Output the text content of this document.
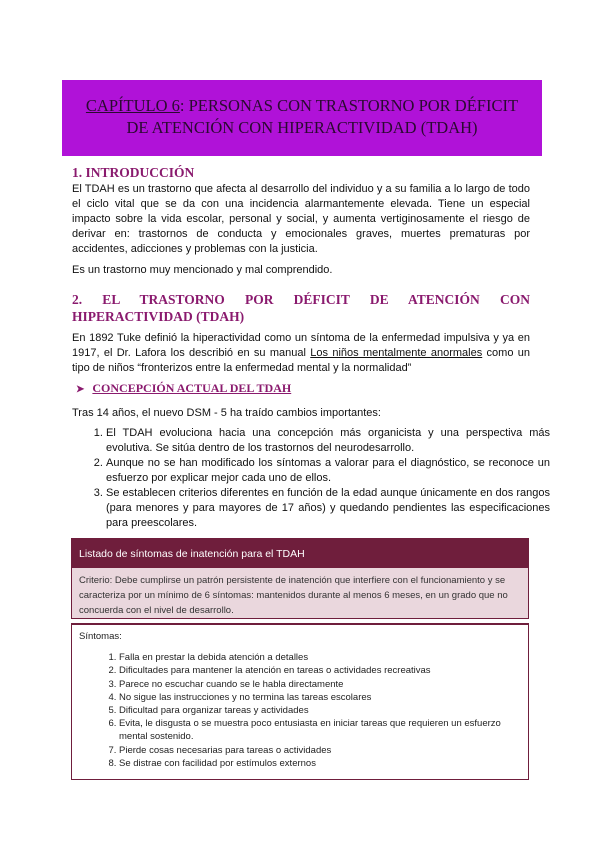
CAPÍTULO 6: PERSONAS CON TRASTORNO POR DÉFICIT
DE ATENCIÓN CON HIPERACTIVIDAD (TDAH)
1. INTRODUCCIÓN

El TDAH es un trastorno que afecta al desarrollo del individuo y a su familia a lo largo de todo el ciclo vital que se da con una incidencia alarmantemente elevada. Tiene un especial impacto sobre la vida escolar, personal y social, y aumenta vertiginosamente el riesgo de derivar en: trastornos de conducta y emocionales graves, muertes prematuras por accidentes, adicciones y problemas con la justicia.

Es un trastorno muy mencionado y mal comprendido.

2. EL TRASTORNO POR DÉFICIT DE ATENCIÓN CON HIPERACTIVIDAD (TDAH)

En 1892 Tuke definió la hiperactividad como un síntoma de la enfermedad impulsiva y ya en 1917, el Dr. Lafora los describió en su manual Los niños mentalmente anormales como un tipo de niños “fronterizos entre la enfermedad mental y la normalidad”

➤ CONCEPCIÓN ACTUAL DEL TDAH

Tras 14 años, el nuevo DSM - 5 ha traído cambios importantes:

1. El TDAH evoluciona hacia una concepción más organicista y una perspectiva más evolutiva. Se sitúa dentro de los trastornos del neurodesarrollo.
2. Aunque no se han modificado los síntomas a valorar para el diagnóstico, se reconoce un esfuerzo por explicar mejor cada uno de ellos.
3. Se establecen criterios diferentes en función de la edad aunque únicamente en dos rangos (para menores y para mayores de 17 años) y quedando pendientes las especificaciones para preescolares.
Listado de síntomas de inatención para el TDAH
Criterio: Debe cumplirse un patrón persistente de inatención que interfiere con el funcionamiento y se caracteriza por un mínimo de 6 síntomas: mantenidos durante al menos 6 meses, en un grado que no concuerda con el nivel de desarrollo.
Síntomas:
1. Falla en prestar la debida atención a detalles
2. Dificultades para mantener la atención en tareas o actividades recreativas
3. Parece no escuchar cuando se le habla directamente
4. No sigue las instrucciones y no termina las tareas escolares
5. Dificultad para organizar tareas y actividades
6. Evita, le disgusta o se muestra poco entusiasta en iniciar tareas que requieren un esfuerzo mental sostenido.
7. Pierde cosas necesarias para tareas o actividades
8. Se distrae con facilidad por estímulos externos
